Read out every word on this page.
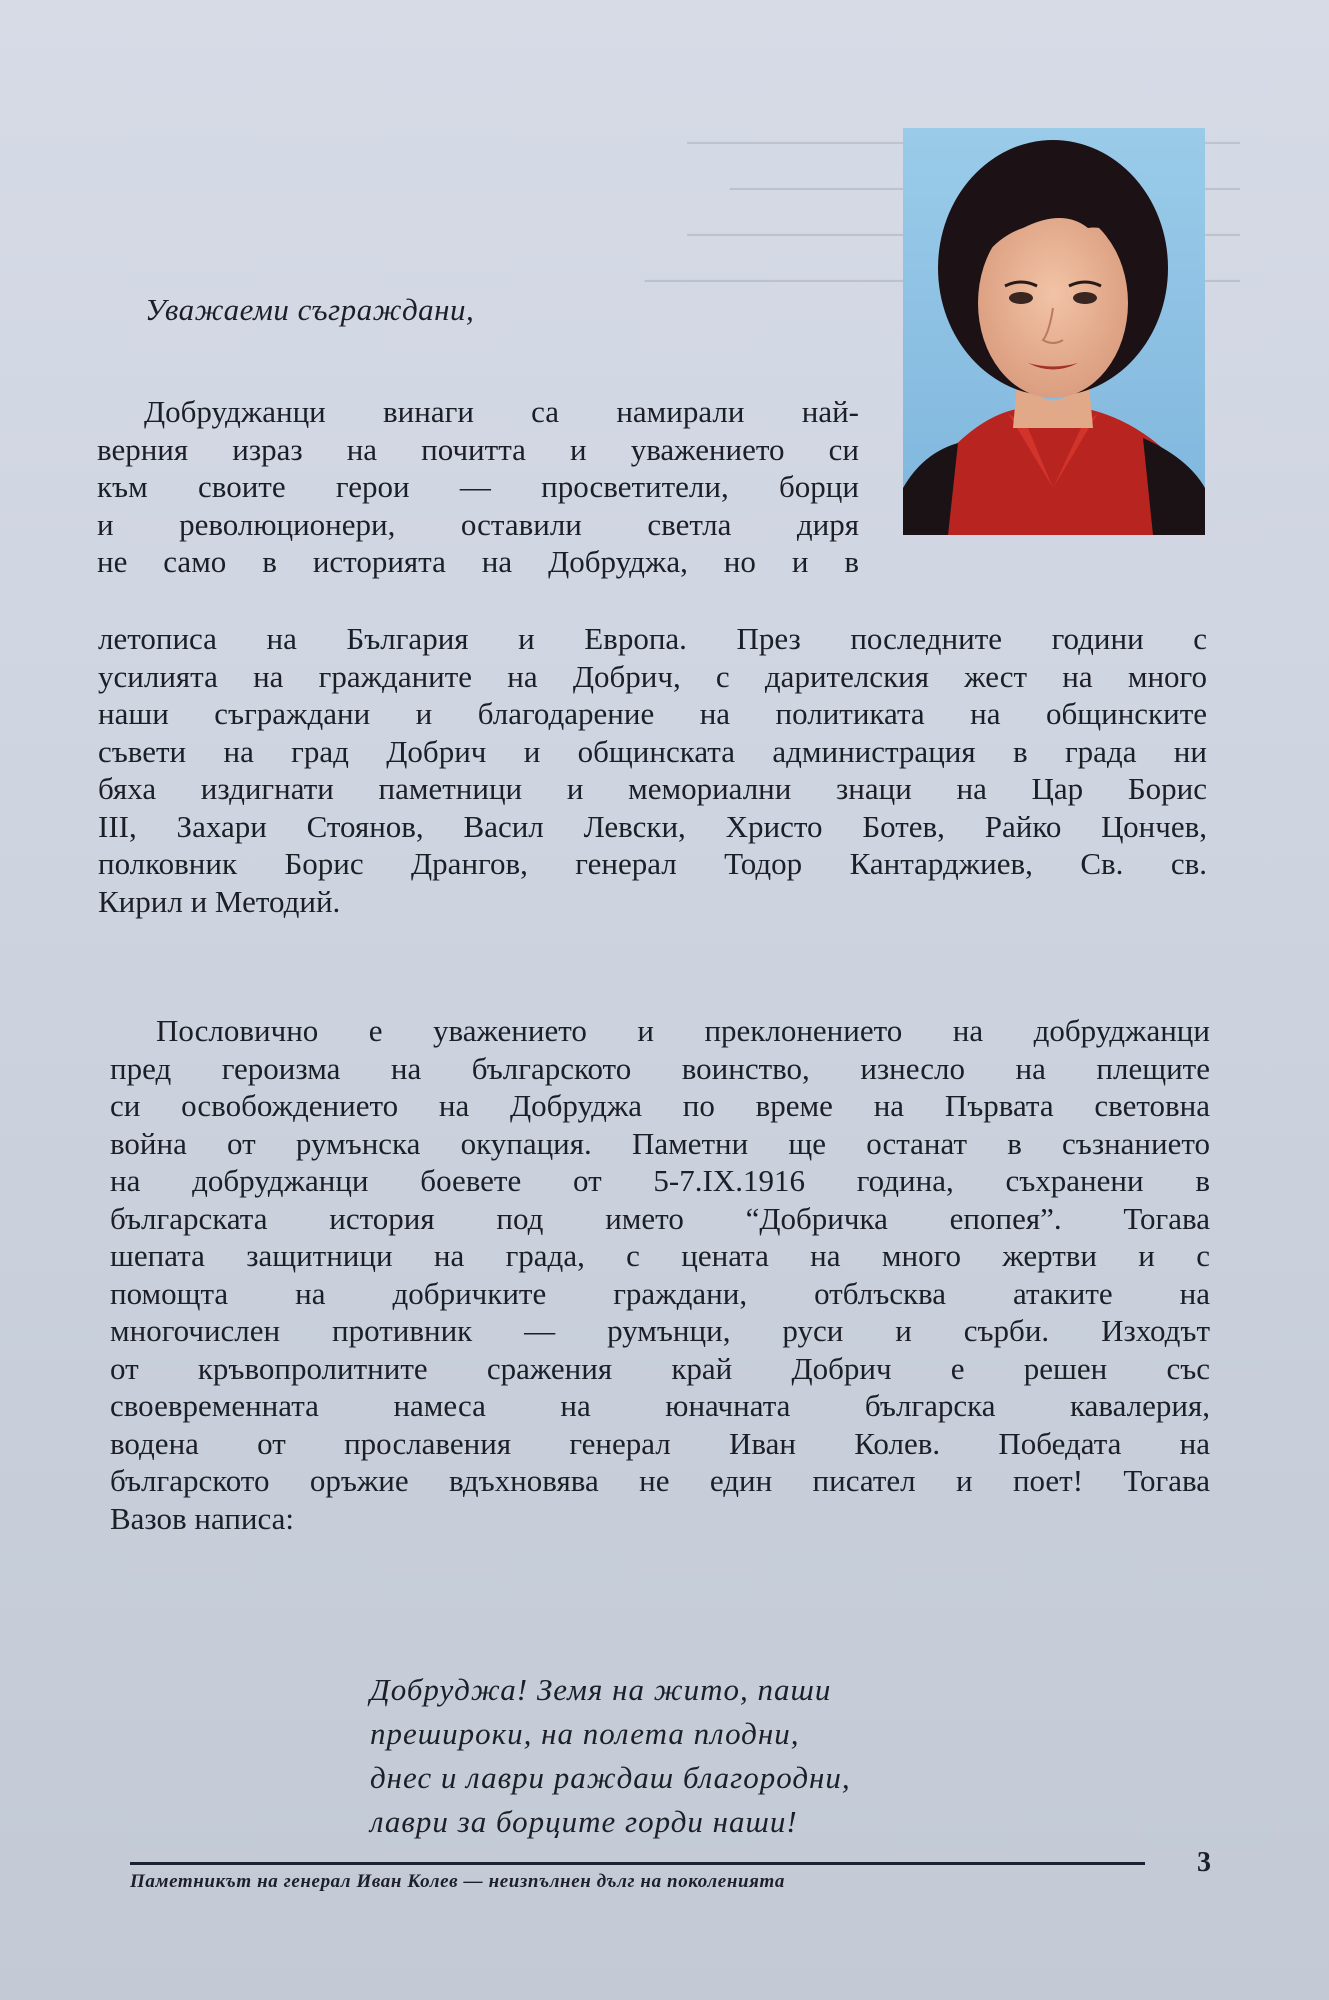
Уважаеми съграждани,
Добруджанци винаги са намирали най-
верния израз на почитта и уважението си
към своите герои — просветители, борци
и революционери, оставили светла диря
не само в историята на Добруджа, но и в
летописа на България и Европа. През последните години с
усилията на гражданите на Добрич, с дарителския жест на много
наши съграждани и благодарение на политиката на общинските
съвети на град Добрич и общинската администрация в града ни
бяха издигнати паметници и мемориални знаци на Цар Борис
III, Захари Стоянов, Васил Левски, Христо Ботев, Райко Цончев,
полковник Борис Дрангов, генерал Тодор Кантарджиев, Св. св.
Кирил и Методий.
Пословично е уважението и преклонението на добруджанци
пред героизма на българското воинство, изнесло на плещите
си освобождението на Добруджа по време на Първата световна
война от румънска окупация. Паметни ще останат в съзнанието
на добруджанци боевете от 5-7.IX.1916 година, съхранени в
българската история под името “Добричка епопея”. Тогава
шепата защитници на града, с цената на много жертви и с
помощта на добричките граждани, отблъсква атаките на
многочислен противник — румънци, руси и сърби. Изходът
от кръвопролитните сражения край Добрич е решен със
своевременната намеса на юначната българска кавалерия,
водена от прославения генерал Иван Колев. Победата на
българското оръжие вдъхновява не един писател и поет! Тогава
Вазов написа:
Добруджа! Земя на жито, паши
прешироки, на полета плодни,
днес и лаври раждаш благородни,
лаври за борците горди наши!
Паметникът на генерал Иван Колев — неизпълнен дълг на поколенията
3
